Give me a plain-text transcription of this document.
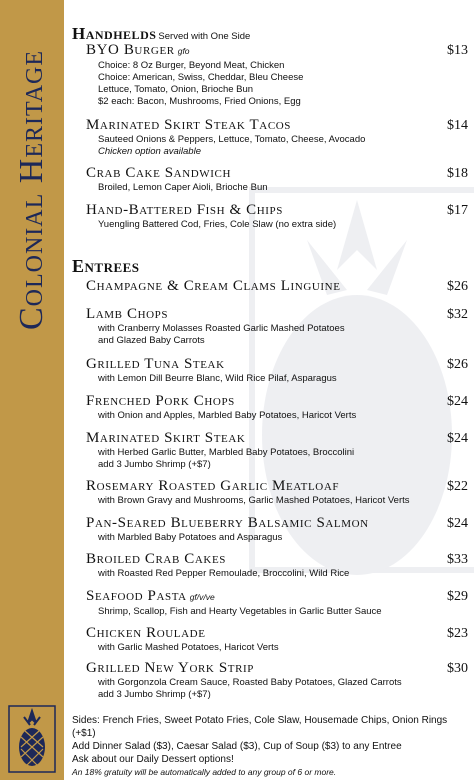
Colonial Heritage
Handhelds Served with One Side
BYO Burger gfo	$13
Choice: 8 Oz Burger, Beyond Meat, Chicken
Choice: American, Swiss, Cheddar, Bleu Cheese
Lettuce, Tomato, Onion, Brioche Bun
$2 each: Bacon, Mushrooms, Fried Onions, Egg
Marinated Skirt Steak Tacos	$14
Sauteed Onions & Peppers, Lettuce, Tomato, Cheese, Avocado
Chicken option available
Crab Cake Sandwich	$18
Broiled, Lemon Caper Aioli, Brioche Bun
Hand-Battered Fish & Chips	$17
Yuengling Battered Cod, Fries, Cole Slaw (no extra side)
Entrees
Champagne & Cream Clams Linguine	$26
Lamb Chops	$32
with Cranberry Molasses Roasted Garlic Mashed Potatoes
and Glazed Baby Carrots
Grilled Tuna Steak	$26
with Lemon Dill Beurre Blanc, Wild Rice Pilaf, Asparagus
Frenched Pork Chops	$24
with Onion and Apples, Marbled Baby Potatoes, Haricot Verts
Marinated Skirt Steak	$24
with Herbed Garlic Butter, Marbled Baby Potatoes, Broccolini
add 3 Jumbo Shrimp (+$7)
Rosemary Roasted Garlic Meatloaf	$22
with Brown Gravy and Mushrooms, Garlic Mashed Potatoes, Haricot Verts
Pan-Seared Blueberry Balsamic Salmon	$24
with Marbled Baby Potatoes and Asparagus
Broiled Crab Cakes	$33
with Roasted Red Pepper Remoulade, Broccolini, Wild Rice
Seafood Pasta gf/v/ve	$29
Shrimp, Scallop, Fish and Hearty Vegetables in Garlic Butter Sauce
Chicken Roulade	$23
with Garlic Mashed Potatoes, Haricot Verts
Grilled New York Strip	$30
with Gorgonzola Cream Sauce, Roasted Baby Potatoes, Glazed Carrots
add 3 Jumbo Shrimp (+$7)
Sides: French Fries, Sweet Potato Fries, Cole Slaw, Housemade Chips, Onion Rings (+$1)
Add Dinner Salad ($3), Caesar Salad ($3), Cup of Soup ($3) to any Entree
Ask about our Daily Dessert options!
An 18% gratuity will be automatically added to any group of 6 or more.
